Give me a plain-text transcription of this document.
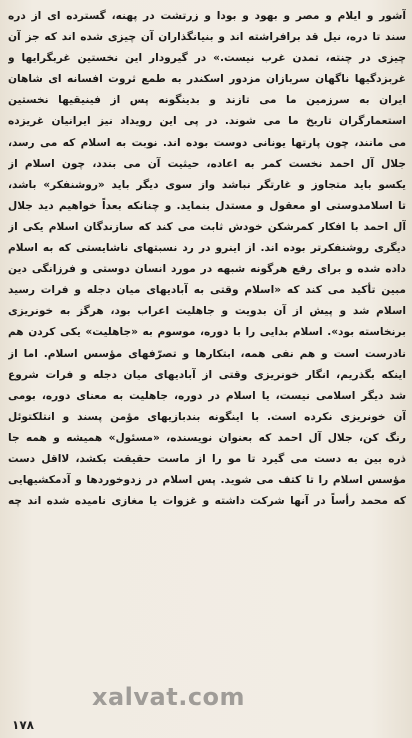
آشور و ایلام و مصر و بهود و بودا و زرتشت در پهنه، گسترده ای از دره
سند تا دره، نیل قد برافراشته اند و بنیانگذاران آن چیزی شده اند که جز آن
چیزی در چنته، تمدن غرب نیست.» در گیرودار این نخستین غربگرایها و
غربزدگیها ناگهان سربازان مزدور اسکندر به طمع ثروت افسانه ای شاهان
ایران به سرزمین ما می تازند و بدینگونه پس از فینیقیها نخستین
استعمارگران تاریخ ما می شوند. در پی این رویداد نیز ایرانیان غریزده
می مانند، چون پارتها یونانی دوست بوده اند. نوبت به اسلام که می رسد،
جلال آل احمد نخست کمر به اعاده، حیثیت آن می بندد، چون اسلام از
یکسو باید متجاوز و غارتگر نباشد واز سوی دیگر باید «روشنفکر» باشد،
تا اسلامدوستی او معقول و مستدل بنماید. و چنانکه بعداً خواهیم دید جلال
آل احمد با افکار کمرشکن خودش ثابت می کند که سازندگان اسلام یکی از
دیگری روشنفکرتر بوده اند. از اینرو در رد نسبتهای ناشایستی که به اسلام
داده شده و برای رفع هرگونه شبهه در مورد انسان دوستی و فرزانگی دین
مبین تأکید می کند که «اسلام وقتی به آبادیهای میان دجله و فرات رسید
اسلام شد و پیش از آن بدویت و جاهلیت اعراب بود، هرگز به خونریزی
برنخاسته بود». اسلام بدایی را با دوره، موسوم به «جاهلیت» یکی کردن هم
نادرست است و هم نفی همه، ابتکارها و تصرّفهای مؤسس اسلام. اما از
اینکه بگذریم، انگار خونریزی وقتی از آبادیهای میان دجله و فرات شروع
شد دیگر اسلامی نیست، یا اسلام در دوره، جاهلیت به معنای دوره، بومی
آن خونریزی نکرده است. با اینگونه بندبازیهای مؤمن پسند و انتلکتوئل
رنگ کن، جلال آل احمد که بعنوان نویسنده، «مسئول» همیشه و همه جا
ذره بین به دست می گیرد تا مو را از ماست حقیقت بکشد، لااقل دست
مؤسس اسلام را تا کتف می شوید. پس اسلام در زدوخوردها و آدمکشیهایی
که محمد رأساً در آنها شرکت داشته و غزوات یا مغازی نامیده شده اند چه
xalvat.com
۱۷۸
